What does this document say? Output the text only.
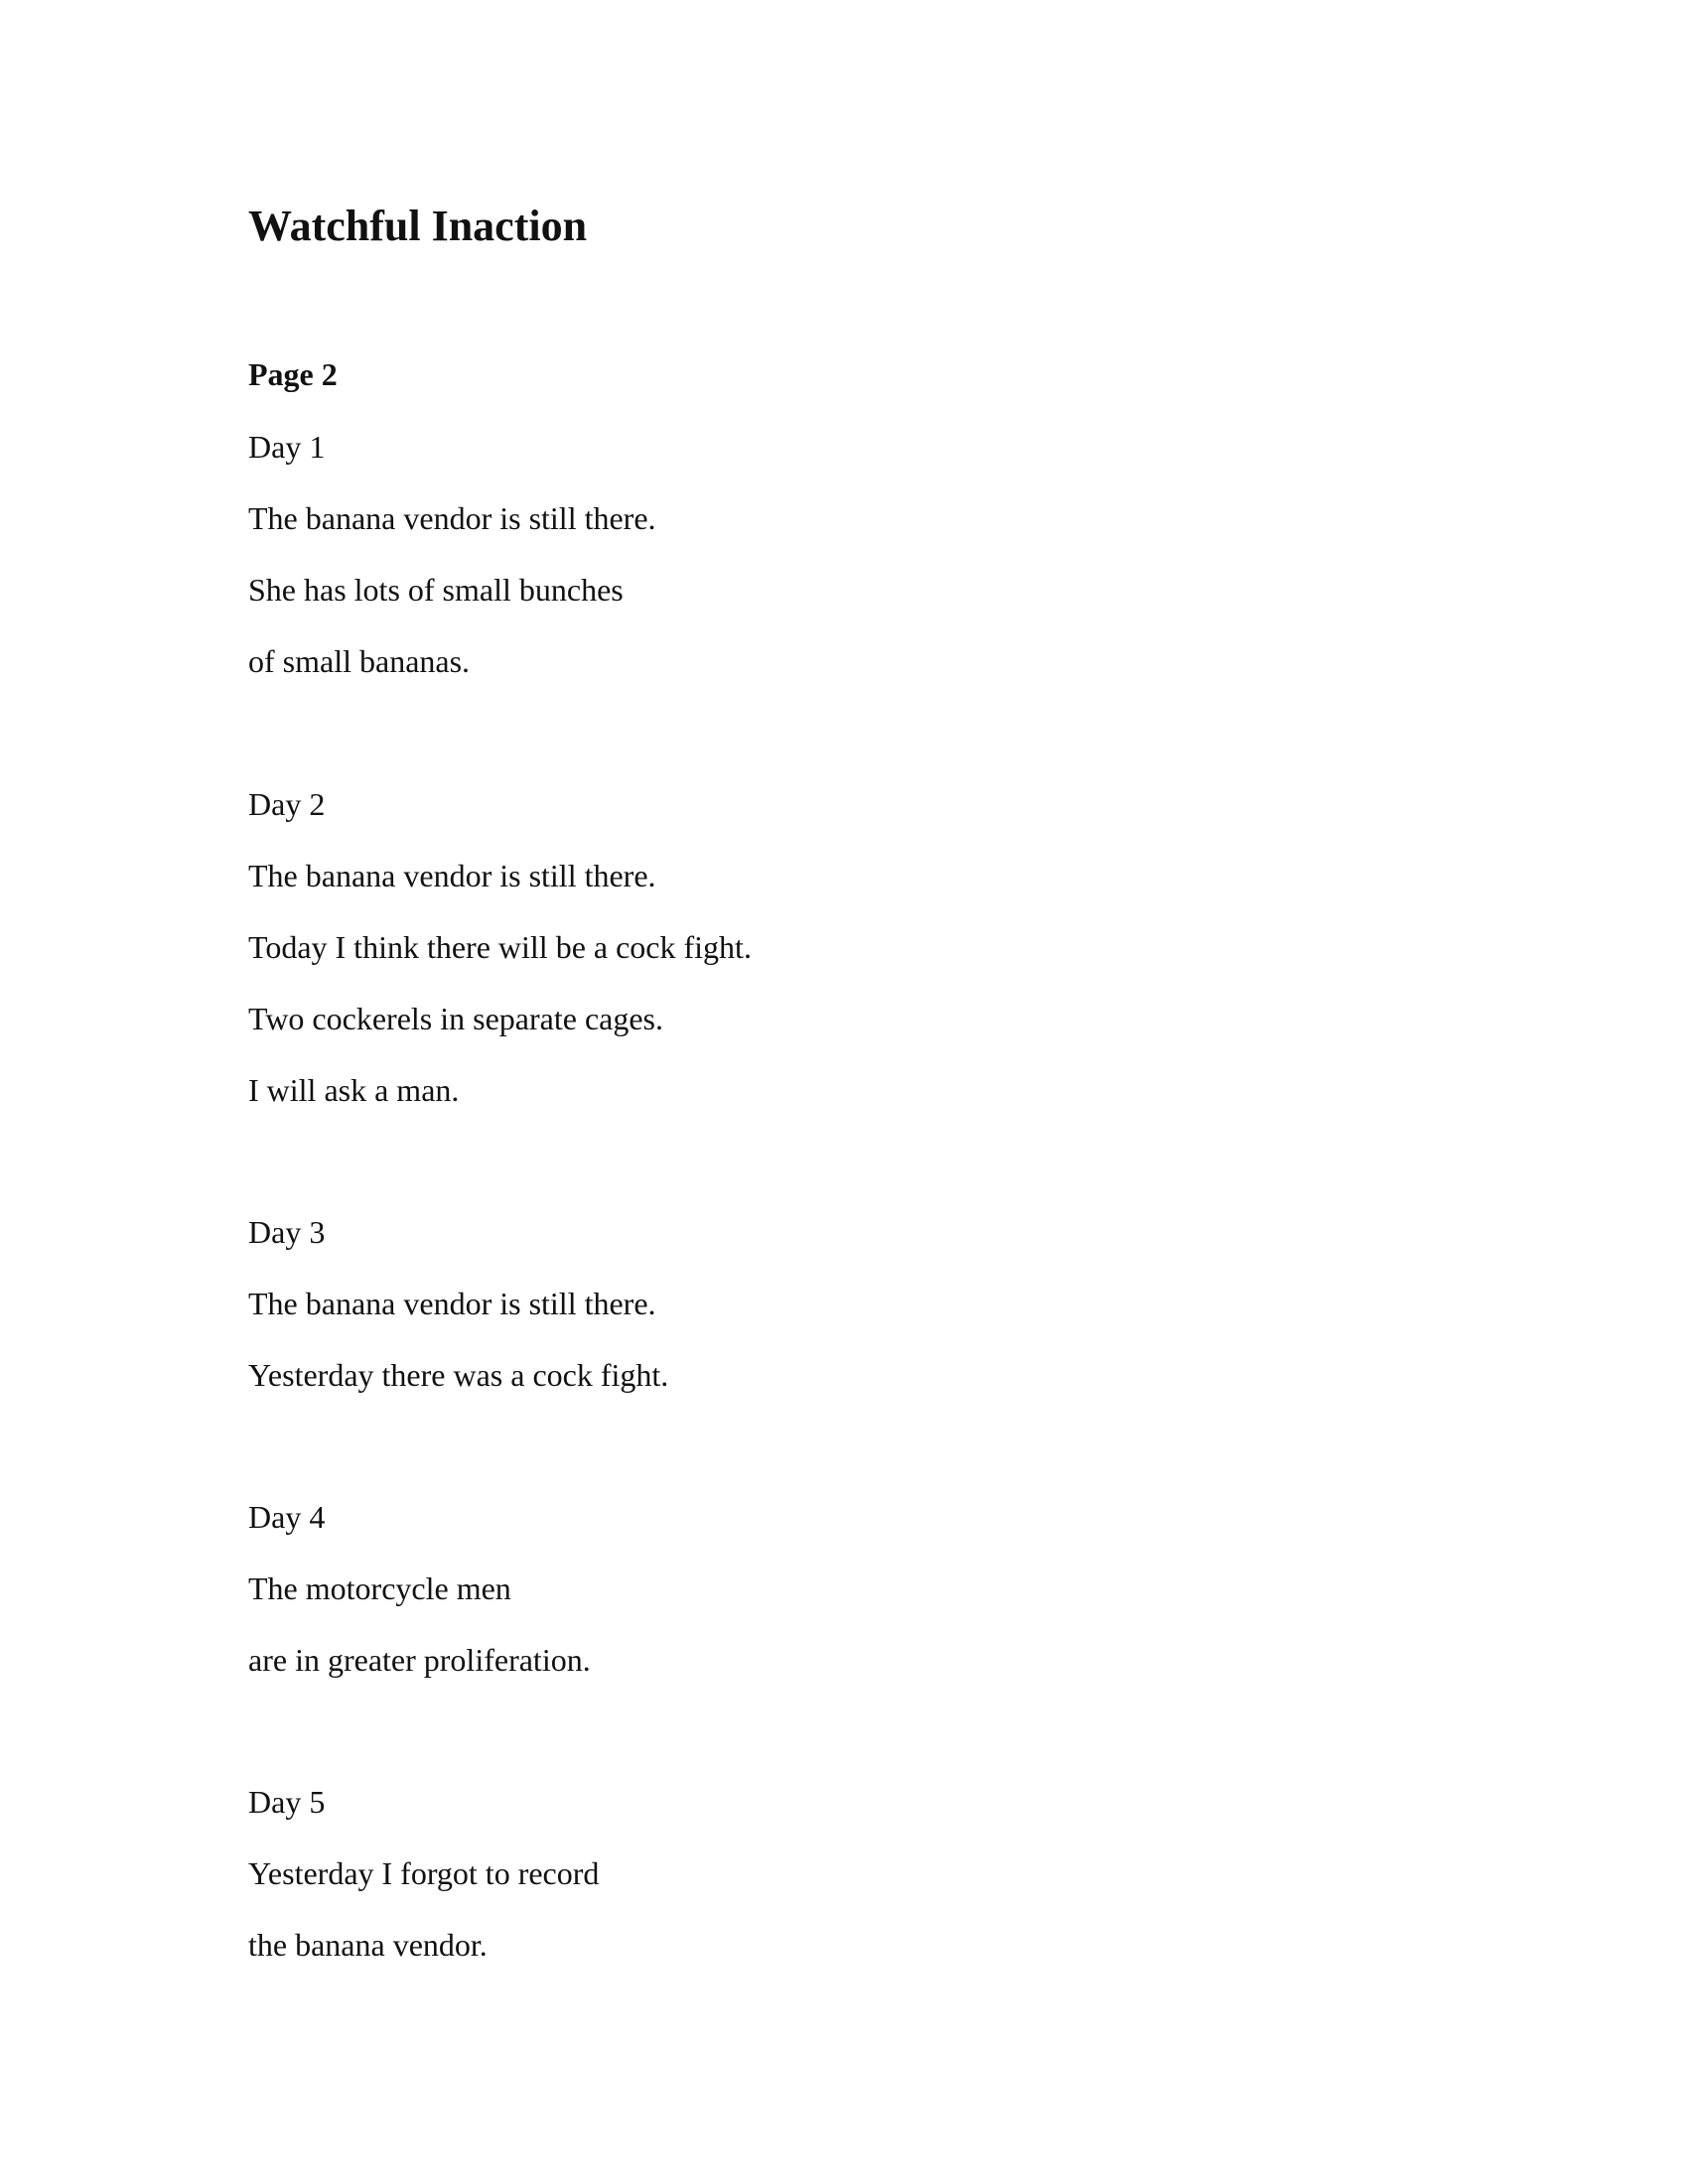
Watchful Inaction
Page 2
Day 1
The banana vendor is still there.
She has lots of small bunches
of small bananas.
Day 2
The banana vendor is still there.
Today I think there will be a cock fight.
Two cockerels in separate cages.
I will ask a man.
Day 3
The banana vendor is still there.
Yesterday there was a cock fight.
Day 4
The motorcycle men
are in greater proliferation.
Day 5
Yesterday I forgot to record
the banana vendor.
